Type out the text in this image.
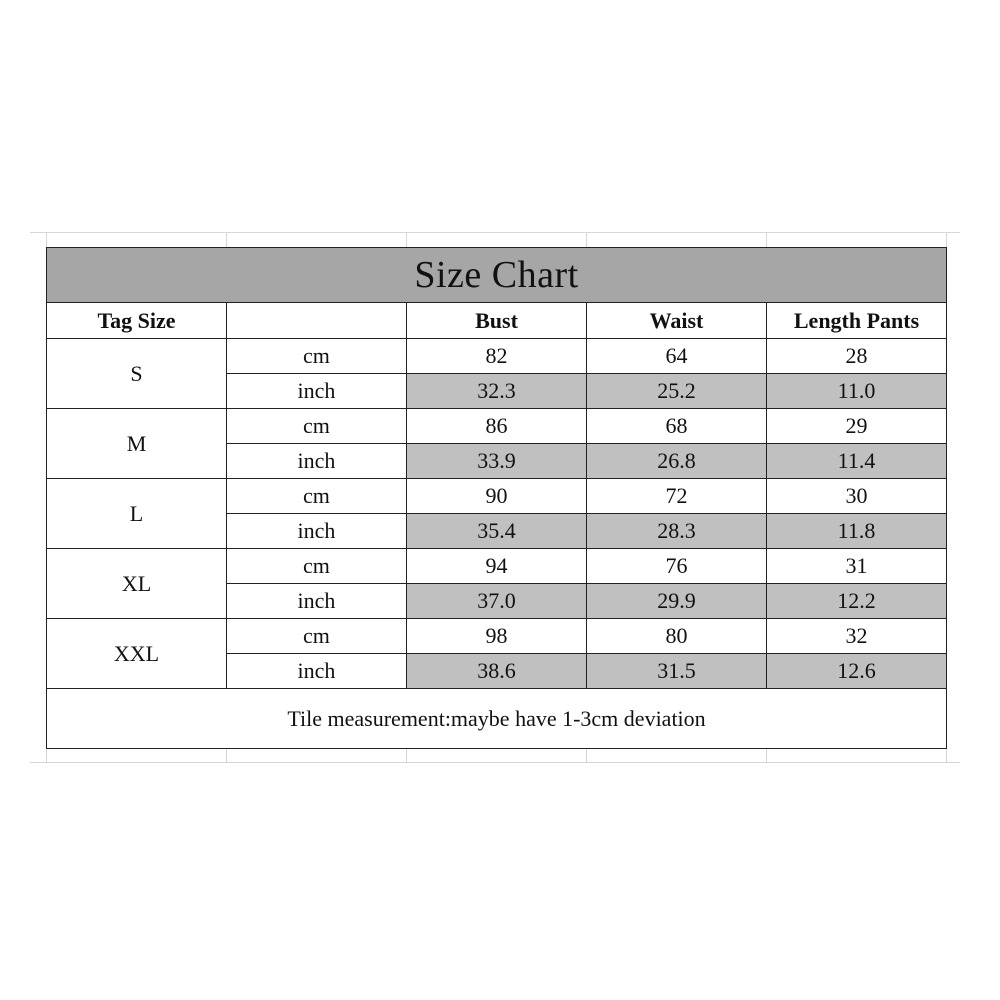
Size Chart				
Tag Size		Bust	Waist	Length Pants
S	cm	82	64	28
	inch	32.3	25.2	11.0
M	cm	86	68	29
	inch	33.9	26.8	11.4
L	cm	90	72	30
	inch	35.4	28.3	11.8
XL	cm	94	76	31
	inch	37.0	29.9	12.2
XXL	cm	98	80	32
	inch	38.6	31.5	12.6
Tile measurement:maybe have 1-3cm deviation				
